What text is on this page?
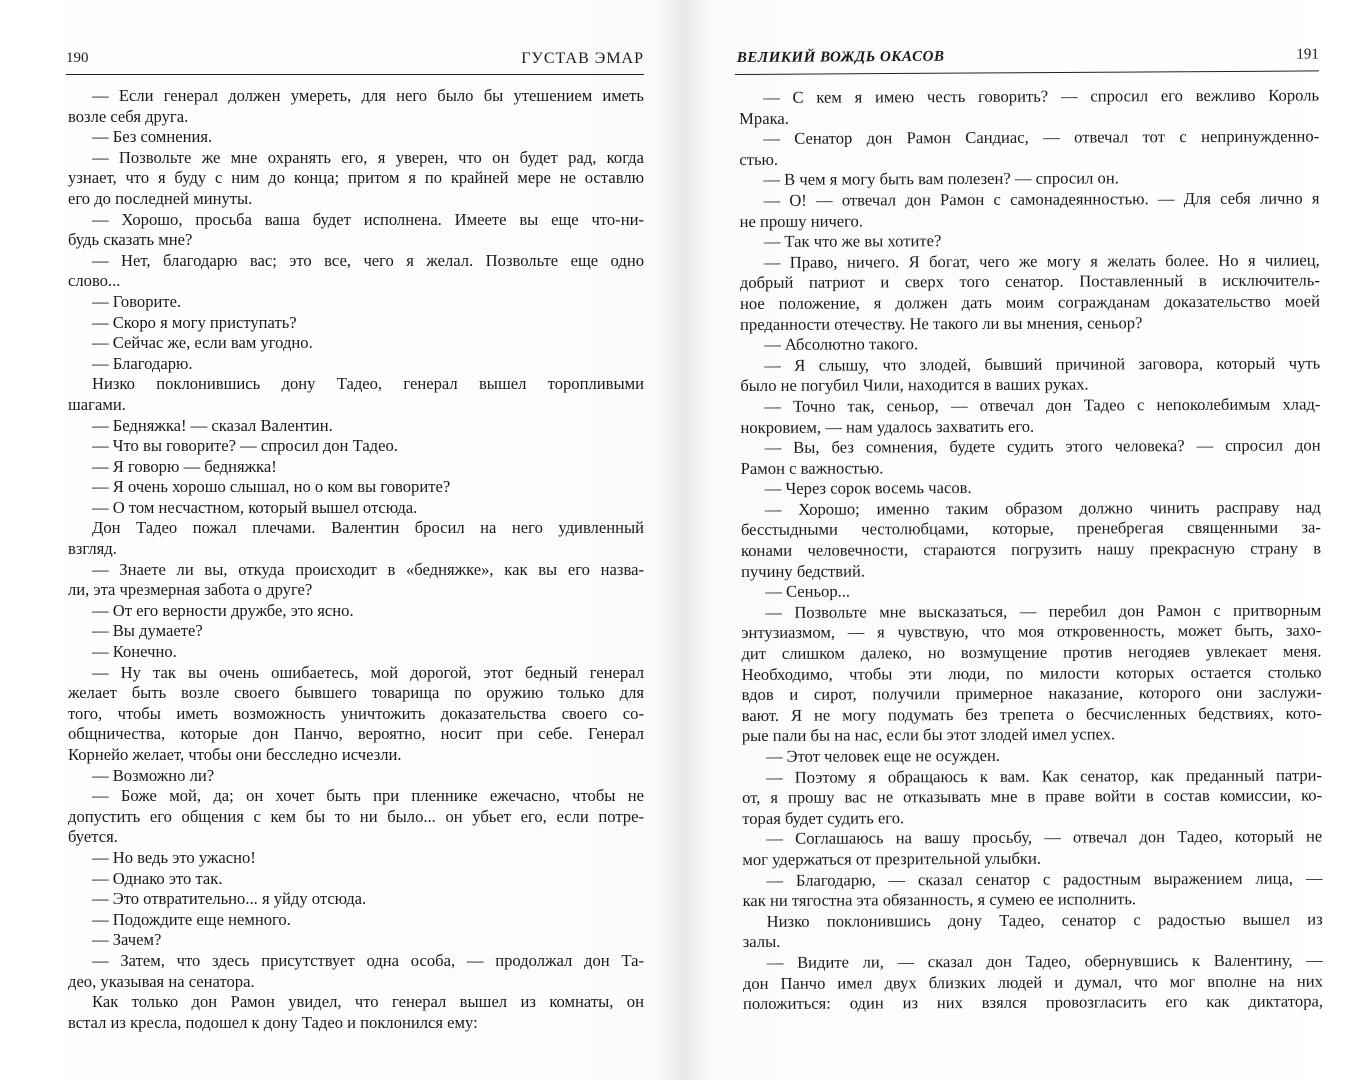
190	ГУСТАВ ЭМАР
— Если генерал должен умереть, для него было бы утешением иметь
возле себя друга.
— Без сомнения.
— Позвольте же мне охранять его, я уверен, что он будет рад, когда
узнает, что я буду с ним до конца; притом я по крайней мере не оставлю
его до последней минуты.
— Хорошо, просьба ваша будет исполнена. Имеете вы еще что-ни-
будь сказать мне?
— Нет, благодарю вас; это все, чего я желал. Позвольте еще одно
слово...
— Говорите.
— Скоро я могу приступать?
— Сейчас же, если вам угодно.
— Благодарю.
Низко поклонившись дону Тадео, генерал вышел торопливыми
шагами.
— Бедняжка! — сказал Валентин.
— Что вы говорите? — спросил дон Тадео.
— Я говорю — бедняжка!
— Я очень хорошо слышал, но о ком вы говорите?
— О том несчастном, который вышел отсюда.
Дон Тадео пожал плечами. Валентин бросил на него удивленный
взгляд.
— Знаете ли вы, откуда происходит в «бедняжке», как вы его назва-
ли, эта чрезмерная забота о друге?
— От его верности дружбе, это ясно.
— Вы думаете?
— Конечно.
— Ну так вы очень ошибаетесь, мой дорогой, этот бедный генерал
желает быть возле своего бывшего товарища по оружию только для
того, чтобы иметь возможность уничтожить доказательства своего со-
общничества, которые дон Панчо, вероятно, носит при себе. Генерал
Корнейо желает, чтобы они бесследно исчезли.
— Возможно ли?
— Боже мой, да; он хочет быть при пленнике ежечасно, чтобы не
допустить его общения с кем бы то ни было... он убьет его, если потре-
буется.
— Но ведь это ужасно!
— Однако это так.
— Это отвратительно... я уйду отсюда.
— Подождите еще немного.
— Зачем?
— Затем, что здесь присутствует одна особа, — продолжал дон Та-
део, указывая на сенатора.
Как только дон Рамон увидел, что генерал вышел из комнаты, он
встал из кресла, подошел к дону Тадео и поклонился ему:
ВЕЛИКИЙ ВОЖДЬ ОКАСОВ	191
— С кем я имею честь говорить? — спросил его вежливо Король
Мрака.
— Сенатор дон Рамон Сандиас, — отвечал тот с непринужденно-
стью.
— В чем я могу быть вам полезен? — спросил он.
— О! — отвечал дон Рамон с самонадеянностью. — Для себя лично я
не прошу ничего.
— Так что же вы хотите?
— Право, ничего. Я богат, чего же могу я желать более. Но я чилиец,
добрый патриот и сверх того сенатор. Поставленный в исключитель-
ное положение, я должен дать моим согражданам доказательство моей
преданности отечеству. Не такого ли вы мнения, сеньор?
— Абсолютно такого.
— Я слышу, что злодей, бывший причиной заговора, который чуть
было не погубил Чили, находится в ваших руках.
— Точно так, сеньор, — отвечал дон Тадео с непоколебимым хлад-
нокровием, — нам удалось захватить его.
— Вы, без сомнения, будете судить этого человека? — спросил дон
Рамон с важностью.
— Через сорок восемь часов.
— Хорошо; именно таким образом должно чинить расправу над
бесстыдными честолюбцами, которые, пренебрегая священными за-
конами человечности, стараются погрузить нашу прекрасную страну в
пучину бедствий.
— Сеньор...
— Позвольте мне высказаться, — перебил дон Рамон с притворным
энтузиазмом, — я чувствую, что моя откровенность, может быть, захо-
дит слишком далеко, но возмущение против негодяев увлекает меня.
Необходимо, чтобы эти люди, по милости которых остается столько
вдов и сирот, получили примерное наказание, которого они заслужи-
вают. Я не могу подумать без трепета о бесчисленных бедствиях, кото-
рые пали бы на нас, если бы этот злодей имел успех.
— Этот человек еще не осужден.
— Поэтому я обращаюсь к вам. Как сенатор, как преданный патри-
от, я прошу вас не отказывать мне в праве войти в состав комиссии, ко-
торая будет судить его.
— Соглашаюсь на вашу просьбу, — отвечал дон Тадео, который не
мог удержаться от презрительной улыбки.
— Благодарю, — сказал сенатор с радостным выражением лица, —
как ни тягостна эта обязанность, я сумею ее исполнить.
Низко поклонившись дону Тадео, сенатор с радостью вышел из
залы.
— Видите ли, — сказал дон Тадео, обернувшись к Валентину, —
дон Панчо имел двух близких людей и думал, что мог вполне на них
положиться: один из них взялся провозгласить его как диктатора,
